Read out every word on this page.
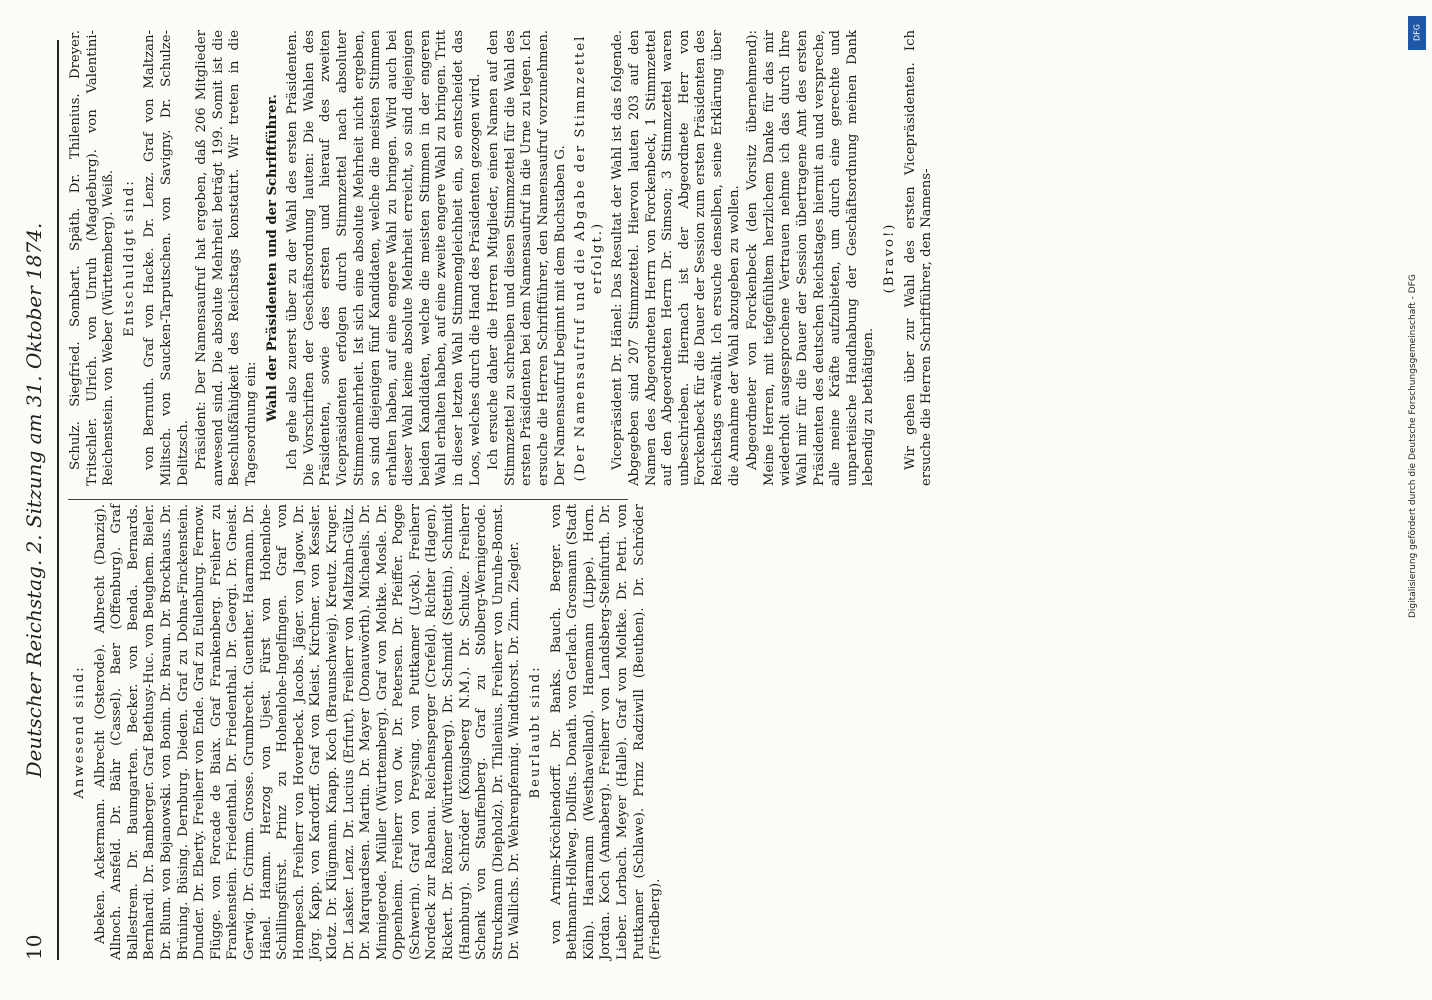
10
Deutscher Reichstag. 2. Sitzung am 31. Oktober 1874. Anwesend sind: Abeken. Ackermann. Albrecht (Osterode). Albrecht (Danzig). Allnoch. Ansfeld. Dr. Bähr (Cassel). Baer (Offenburg). Graf Ballestrem. Dr. Baumgarten. Becker. von Benda. Bernards. Bernhardi. Dr. Bamberger. Graf Bethusy-Huc. von Beughem. Bieler. Dr. Blum. von Bojanowski. von Bonin. Dr. Braun. Dr. Brockhaus. Dr. Brüning. Büsing. Dernburg. Dieden. Graf zu Dohna-Finckenstein. Dunder. Dr. Eberty. Freiherr von Ende. Graf zu Eulenburg. Fernow. Flügge. von Forcade de Biaix. Graf Frankenberg. Freiherr zu Frankenstein. Friedenthal. Dr. Friedenthal. Dr. Georgi. Dr. Gneist. Gerwig. Dr. Grimm. Grosse. Grumbrecht. Guenther. Haarmann. Dr. Hänel. Hamm. Herzog von Ujest. Fürst von Hohenlohe-Schillingsfürst. Prinz zu Hohenlohe-Ingelfingen. Graf von Hompesch. Freiherr von Hoverbeck. Jacobs. Jäger. von Jagow. Dr. Jörg. Kapp. von Kardorff. Graf von Kleist. Kirchner. von Kessler. Klotz. Dr. Klügmann. Knapp. Koch (Braunschweig). Kreutz. Kruger. Dr. Lasker. Lenz. Dr. Lucius (Erfurt). Freiherr von Maltzahn-Gültz. Dr. Marquardsen. Martin. Dr. Mayer (Donauwörth). Michaelis. Dr. Minnigerode. Müller (Württemberg). Graf von Moltke. Mosle. Dr. Oppenheim. Freiherr von Ow. Dr. Petersen. Dr. Pfeiffer. Pogge (Schwerin). Graf von Preysing. von Puttkamer (Lyck). Freiherr Nordeck zur Rabenau. Reichensperger (Crefeld). Richter (Hagen). Rickert. Dr. Römer (Württemberg). Dr. Schmidt (Stettin). Schmidt (Hamburg). Schröder (Königsberg N.M.). Dr. Schulze. Freiherr Schenk von Stauffenberg. Graf zu Stolberg-Wernigerode. Struckmann (Diepholz). Dr. Thilenius. Freiherr von Unruhe-Bomst. Dr. Wallichs. Dr. Wehrenpfennig. Windthorst. Dr. Zinn. Ziegler. Beurlaubt sind: von Arnim-Kröchlendorff. Dr. Banks. Bauch. Berger. von Bethmann-Hollweg. Dollfus. Donath. von Gerlach. Grosmann (Stadt Köln). Haarmann (Westhavelland). Hanemann (Lippe). Horn. Jordan. Koch (Annaberg). Freiherr von Landsberg-Steinfurth. Dr. Lieber. Lorbach. Meyer (Halle). Graf von Moltke. Dr. Petri. von Puttkamer (Schlawe). Prinz Radziwill (Beuthen). Dr. Schröder (Friedberg).

Schulz. Siegfried. Sombart. Späth. Dr. Thilenius. Dreyer. Tritschler. Ulrich. von Unruh (Magdeburg). von Valentini-Reichenstein. von Weber (Württemberg). Weiß. Entschuldigt sind: von Bernuth. Graf von Hacke. Dr. Lenz. Graf von Maltzan-Militsch. von Saucken-Tarputschen. von Savigny. Dr. Schulze-Delitzsch. Präsident: Der Namensaufruf hat ergeben, daß 206 Mitglieder anwesend sind. Die absolute Mehrheit beträgt 199. Somit ist die Beschlußfähigkeit des Reichstags konstatirt. Wir treten in die Tagesordnung ein:

Wahl der Präsidenten und der Schriftführer. Ich gehe also zuerst über zu der Wahl des ersten Präsidenten. Die Vorschriften der Geschäftsordnung lauten: Die Wahlen des Präsidenten, sowie des ersten und hierauf des zweiten Vicepräsidenten erfolgen durch Stimmzettel nach absoluter Stimmenmehrheit. Ist sich eine absolute Mehrheit nicht ergeben, so sind diejenigen fünf Kandidaten, welche die meisten Stimmen erhalten haben, auf eine engere Wahl zu bringen. Wird auch bei dieser Wahl keine absolute Mehrheit erreicht, so sind diejenigen beiden Kandidaten, welche die meisten Stimmen in der engeren Wahl erhalten haben, auf eine zweite engere Wahl zu bringen. Tritt in dieser letzten Wahl Stimmengleichheit ein, so entscheidet das Loos, welches durch die Hand des Präsidenten gezogen wird. Ich ersuche daher die Herren Mitglieder, einen Namen auf den Stimmzettel zu schreiben und diesen Stimmzettel für die Wahl des ersten Präsidenten bei dem Namensaufruf in die Urne zu legen. Ich ersuche die Herren Schriftführer, den Namensaufruf vorzunehmen. Der Namensaufruf beginnt mit dem Buchstaben G. (Der Namensaufruf und die Abgabe der Stimmzettel erfolgt.) Vicepräsident Dr. Hänel: Das Resultat der Wahl ist das folgende. Abgegeben sind 207 Stimmzettel. Hiervon lauten 203 auf den Namen des Abgeordneten Herrn von Forckenbeck, 1 Stimmzettel auf den Abgeordneten Herrn Dr. Simson; 3 Stimmzettel waren unbeschrieben. Hiernach ist der Abgeordnete Herr von Forckenbeck für die Dauer der Session zum ersten Präsidenten des Reichstags erwählt. Ich ersuche denselben, seine Erklärung über die Annahme der Wahl abzugeben zu wollen. Abgeordneter von Forckenbeck (den Vorsitz übernehmend): Meine Herren, mit tiefgefühltem herzlichem Danke für das mir wiederholt ausgesprochene Vertrauen nehme ich das durch Ihre Wahl mir für die Dauer der Session übertragene Amt des ersten Präsidenten des deutschen Reichstages hiermit an und verspreche, alle meine Kräfte aufzubieten, um durch eine gerechte und unparteiische Handhabung der Geschäftsordnung meinen Dank lebendig zu bethätigen.

(Bravo!) Wir gehen über zur Wahl des ersten Vicepräsidenten. Ich ersuche die Herren Schriftführer, den Namens-

DFG
Digitalisierung gefördert durch die Deutsche Forschungsgemeinschaft - DFG
